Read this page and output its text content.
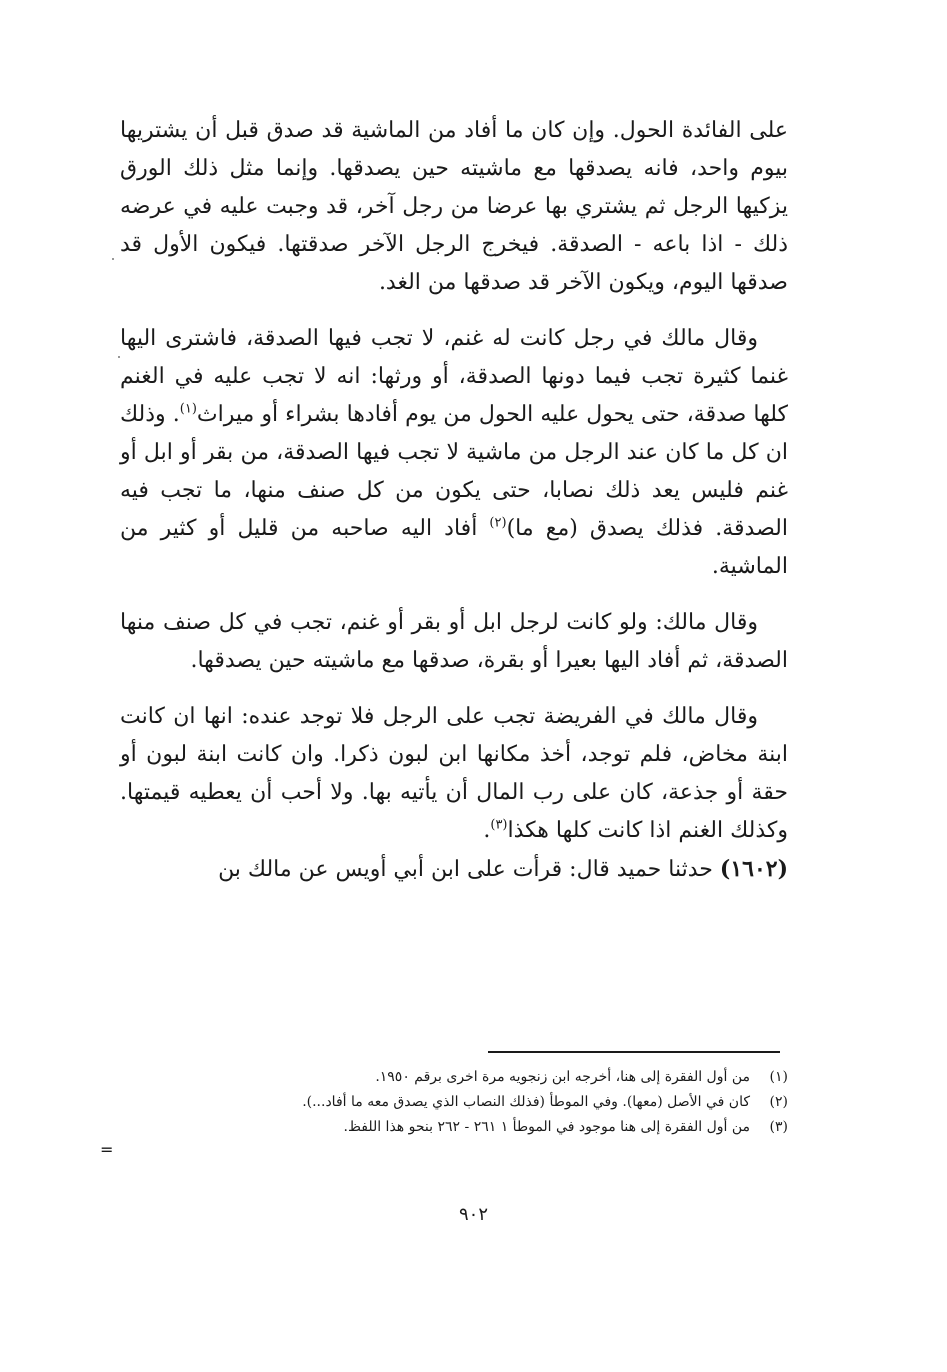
على الفائدة الحول. وإن كان ما أفاد من الماشية قد صدق قبل أن يشتريها بيوم واحد، فانه يصدقها مع ماشيته حين يصدقها. وإنما مثل ذلك الورق يزكيها الرجل ثم يشتري بها عرضا من رجل آخر، قد وجبت عليه في عرضه ذلك - اذا باعه - الصدقة. فيخرج الرجل الآخر صدقتها. فيكون الأول قد صدقها اليوم، ويكون الآخر قد صدقها من الغد.

وقال مالك في رجل كانت له غنم، لا تجب فيها الصدقة، فاشترى اليها غنما كثيرة تجب فيما دونها الصدقة، أو ورثها: انه لا تجب عليه في الغنم كلها صدقة، حتى يحول عليه الحول من يوم أفادها بشراء أو ميراث$^{(١)}$. وذلك ان كل ما كان عند الرجل من ماشية لا تجب فيها الصدقة، من بقر أو ابل أو غنم فليس يعد ذلك نصابا، حتى يكون من كل صنف منها، ما تجب فيه الصدقة. فذلك يصدق (مع ما)$^{(٢)}$ أفاد اليه صاحبه من قليل أو كثير من الماشية.

وقال مالك: ولو كانت لرجل ابل أو بقر أو غنم، تجب في كل صنف منها الصدقة، ثم أفاد اليها بعيرا أو بقرة، صدقها مع ماشيته حين يصدقها.

وقال مالك في الفريضة تجب على الرجل فلا توجد عنده: انها ان كانت ابنة مخاض، فلم توجد، أخذ مكانها ابن لبون ذكرا. وان كانت ابنة لبون أو حقة أو جذعة، كان على رب المال أن يأتيه بها. ولا أحب أن يعطيه قيمتها. وكذلك الغنم اذا كانت كلها هكذا$^{(٣)}$.
(١٦٠٢) حدثنا حميد قال: قرأت على ابن أبي أويس عن مالك بن

(١)من أول الفقرة إلى هنا، أخرجه ابن زنجويه مرة اخرى برقم ١٩٥٠.
(٢)كان في الأصل (معها). وفي الموطأ (فذلك النصاب الذي يصدق معه ما أفاد...).
(٣)من أول الفقرة إلى هنا موجود في الموطأ ١ ٢٦١ - ٢٦٢ بنحو هذا اللفظ.
=
٩٠٢
